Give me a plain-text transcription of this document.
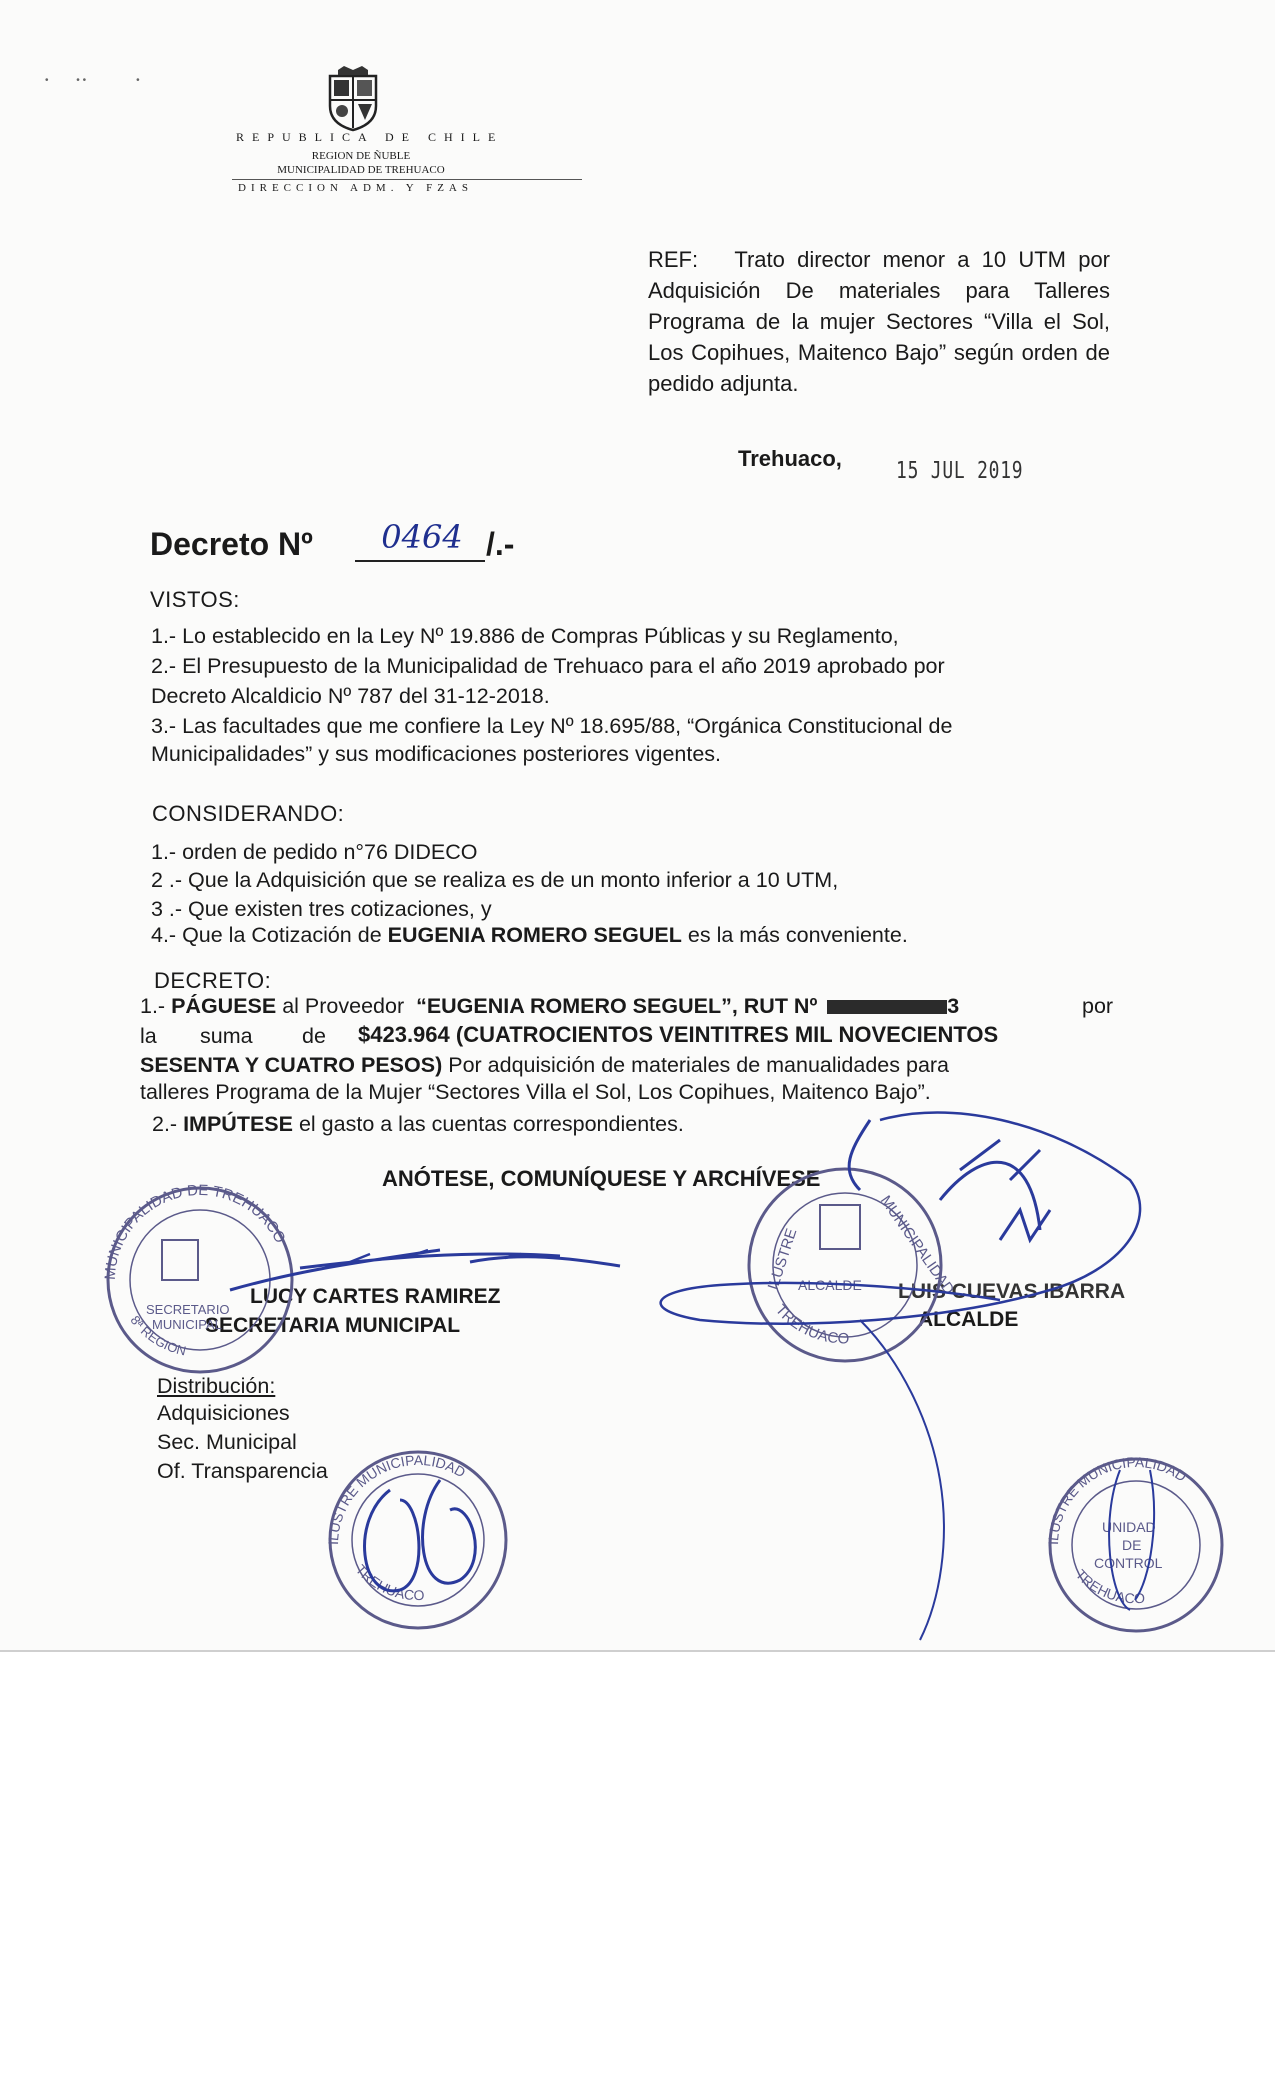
•          • •                  •
REPUBLICA DE CHILE
REGION DE ÑUBLE
MUNICIPALIDAD DE TREHUACO
DIRECCION ADM. Y FZAS
REF: Trato director menor a 10 UTM por Adquisición De materiales para Talleres Programa de la mujer Sectores “Villa el Sol, Los Copihues, Maitenco Bajo” según orden de pedido adjunta.
Trehuaco, 15 JUL 2019
Decreto Nº	0464 /.-
VISTOS:
1.- Lo establecido en la Ley Nº 19.886 de Compras Públicas y su Reglamento,
2.- El Presupuesto de la Municipalidad de Trehuaco para el año 2019 aprobado por
Decreto Alcaldicio Nº 787 del 31-12-2018.
3.- Las facultades que me confiere la Ley Nº 18.695/88, “Orgánica Constitucional de
Municipalidades” y sus modificaciones posteriores vigentes.
CONSIDERANDO:
1.- orden de pedido n°76 DIDECO
2 .- Que la Adquisición que se realiza es de un monto inferior a 10 UTM,
3 .- Que existen tres cotizaciones, y
4.- Que la Cotización de EUGENIA ROMERO SEGUEL es la más conveniente.
DECRETO:
1.- PÁGUESE al Proveedor “EUGENIA ROMERO SEGUEL”, RUT Nº	3	por
la suma de $423.964 (CUATROCIENTOS VEINTITRES MIL NOVECIENTOS
SESENTA Y CUATRO PESOS) Por adquisición de materiales de manualidades para
talleres Programa de la Mujer “Sectores Villa el Sol, Los Copihues, Maitenco Bajo”.
2.- IMPÚTESE el gasto a las cuentas correspondientes.
ANÓTESE, COMUNÍQUESE Y ARCHÍVESE
LUCY CARTES RAMIREZ
SECRETARIA MUNICIPAL
LUIS CUEVAS IBARRA
ALCALDE
Distribución:
Adquisiciones
Sec. Municipal
Of. Transparencia
MUNICIPALIDAD DE TREHUACO
SECRETARIO
MUNICIPAL
8ª REGION
ILUSTRE	MUNICIPALIDAD
ALCALDE
TREHUACO
ILUSTRE MUNICIPALIDAD
TREHUACO
ILUSTRE MUNICIPALIDAD
UNIDAD
DE
CONTROL
TREHUACO
